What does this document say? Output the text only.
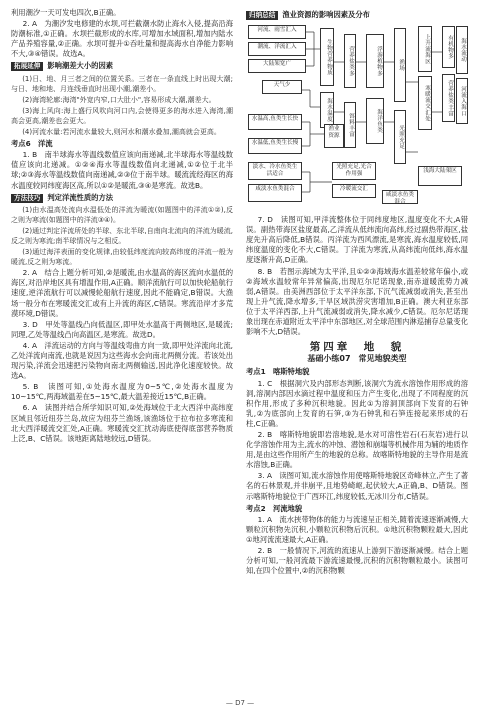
利用潮汐一天可发电四次,B正确。

2. A　为潮汐发电修建的水坝,可拦截潮水防止海水入侵,提高沿海防潮标准,①正确。水坝拦截形成的水库,可增加水域面积,增加内陆水产品养殖容量,②正确。水坝可提升①吞吐量和提高海水自净能力影响不大,③④错误。故选A。

拓展延伸 影响潮差大小的因素

(1)日、地、月三者之间的位置关系。三者在一条直线上时出现大潮;与日、地和地、月连线垂直时出现小潮,潮差小。

(2)海湾轮廓:海湾"外宽内窄,口大肚小",容易形成大潮,潮差大。

(3)海上风向:海上盛行风吹向河口内,会使得更多的海水进入海湾,潮高会更高,潮差也会更大。

(4)河流水量:若河流水量较大,则河水和潮水叠加,潮高就会更高。

考点6　洋流

1. B　南半球海水等温线数值应该向南递减,北半球海水等温线数值应该向北递减。①②④海水等温线数值向北递减,①②位于北半球;②③海水等温线数值向南递减,②③位于南半球。暖流流经海区的海水温度较同纬度海区高,所以①②是暖流,③④是寒流。故选B。

方法技巧 判定洋流性质的方法

(1)由水温高处流向水温低处的洋流为暖流(如题图中的洋流①②),反之则为寒流(如题图中的洋流③④)。

(2)通过判定洋流所处的半球、东北半球,自南向北流向的洋流为暖流,反之则为寒流;南半球情况与之相反。

(3)通过海洋表面的变化规律,由较低纬度流向较高纬度的洋流一般为暖流,反之则为寒流。

2. A　结合上题分析可知,②是暖流,由水温高的海区流向水温低的海区,对沿岸地区具有增温作用,A正确。顺洋流航行可以加快轮船航行速度,逆洋流航行可以减慢轮船航行速度,因此不能确定,B错误。大渔场一般分布在寒暖流交汇或有上升流的海区,C错误。寒流沿岸才多荒漠环境,D错误。

3. D　甲处等温线凸向低温区,即甲处水温高于两侧地区,是暖流;同理,乙处等温线凸向高温区,是寒流。故选D。

4. A　洋流运动的方向与等温线弯曲方向一致,即甲处洋流向北流,乙处洋流向南流,也就是说因为这些海水会向南北两侧分流。若该处出现污染,洋流会迅速把污染物向南北两侧输送,因此净化速度较快。故选A。

5. B　读图可知,①处海水温度为0~5℃,②处海水温度为10~15℃,两海域温差在5~15℃,最大温差接近15℃,B正确。

6. A　读图并结合所学知识可知,②处海域位于北大西洋中高纬度区域且邻近纽芬兰岛,故应为纽芬兰渔场,该渔场位于拉布拉多寒流和北大西洋暖流交汇处,A正确。寒暖流交汇扰动海底使得底部营养物质上泛,B、C错误。该地距离陆地较远,D错误。

归纳总结 渔业资源的影响因素及分布
河流、雨雪汇入
潮流、洋流汇入
大陆架宽广
天气少
生物营养物质	营养盐类多	浮游植物多
海水温度
水温高,鱼类生长快
水温低,鱼类生长慢
淡水、冷水鱼类生活适合
咸淡水鱼类混合
渔业资源	饵料丰富	海洋鱼类
渔场
光照充足
上升流海区
寒暖流交汇处
有机物多
营养盐类丰富
海水流动
河流入海口
光照充足,光合作用强
冷暖流交汇
浅海大陆架区
咸淡水鱼类混合

7. D　读图可知,甲洋流整体位于同纬度地区,温度变化不大,A错误。副热带海区盐度最高,乙洋流从低纬流向高纬,经过副热带海区,盐度先升高后降低,B错误。丙洋流为西风漂流,是寒流,海水温度较低,同纬度温度的变化不大,C错误。丁洋流为寒流,从高纬流向低纬,海水温度逐渐升高,D正确。

8. B　若图示海域为太平洋,且①②③海域海水温差较常年偏小,或②海域水温较常年异常偏高,出现厄尔尼诺现象,南赤道暖流势力减弱,A错误。由美洲西部位于太平洋东部,下沉气流减弱或消失,甚至出现上升气流,降水增多,干旱区域洪涝灾害增加,B正确。澳大利亚东部位于太平洋西部,上升气流减弱或消失,降水减少,C错误。厄尔尼诺现象出现在赤道附近太平洋中东部地区,对全球范围内淋巡捕存总量变化影响不大,D错误。

第四章　地　貌
基础小练07　常见地貌类型
考点1　喀斯特地貌

1. C　根据洞穴及内部形态判断,该洞穴为流水溶蚀作用形成的溶洞,溶洞内部因水滴过程中温度和压力产生变化,出现了不同程度的沉积作用,形成了多种沉积地貌。因此①为溶洞顶部向下发育的石钟乳,②为底部向上发育的石笋,③为石钟乳和石笋连接起来形成的石柱,C正确。

2. B　喀斯特地貌即岩溶地貌,是水对可溶性岩石(石灰岩)进行以化学溶蚀作用为主,流水的冲蚀、潜蚀和崩塌等机械作用为辅的地质作用,是由这些作用所产生的地貌的总称。故喀斯特地貌的主导作用是流水溶蚀,B正确。

3. A　读图可知,流水溶蚀作用使喀斯特地貌区奇峰林立,产生了著名的石林景观,并非崩平,且地势崎岖,起伏较大,A正确,B、D错误。图示喀斯特地貌位于广西环江,纬度较低,无冰川分布,C错误。

考点2　河流地貌

1. A　流水挟带物体的能力与流速呈正相关,随着流速逐渐减慢,大颗粒沉积物先沉积,小颗粒沉积物后沉积。①地沉积物颗粒最大,因此①地河流流速最大,A正确。

2. B　一般情况下,河流的流速从上游到下游逐渐减慢。结合上题分析可知,一般河流最下游流速最慢,沉积的沉积物颗粒最小。读图可知,在四个位置中,②的沉积物颗

— D7 —
